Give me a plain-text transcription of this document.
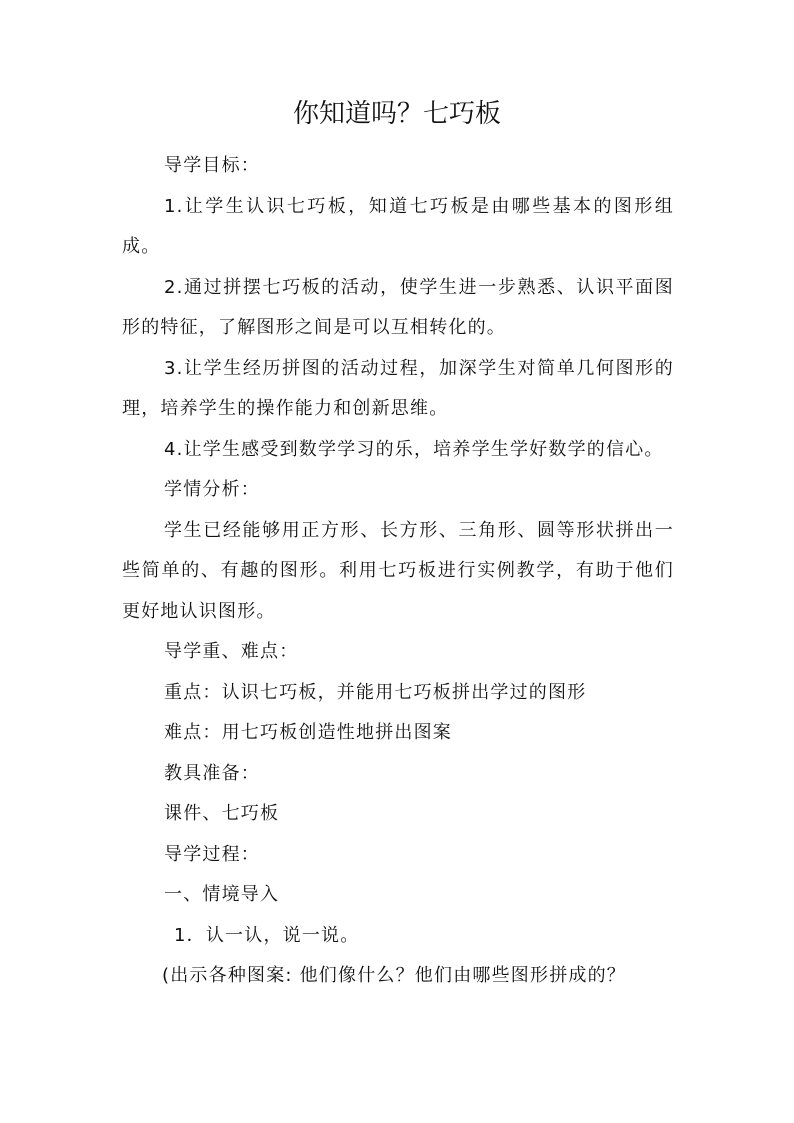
你知道吗？七巧板

导学目标：

1.让学生认识七巧板，知道七巧板是由哪些基本的图形组成。

2.通过拼摆七巧板的活动，使学生进一步熟悉、认识平面图形的特征，了解图形之间是可以互相转化的。

3.让学生经历拼图的活动过程，加深学生对简单几何图形的理，培养学生的操作能力和创新思维。

4.让学生感受到数学学习的乐，培养学生学好数学的信心。

学情分析：

学生已经能够用正方形、长方形、三角形、圆等形状拼出一些简单的、有趣的图形。利用七巧板进行实例教学，有助于他们更好地认识图形。

导学重、难点：

重点：认识七巧板，并能用七巧板拼出学过的图形

难点：用七巧板创造性地拼出图案

教具准备：

课件、七巧板

导学过程：

一、情境导入

1．认一认，说一说。

(出示各种图案: 他们像什么？他们由哪些图形拼成的？
